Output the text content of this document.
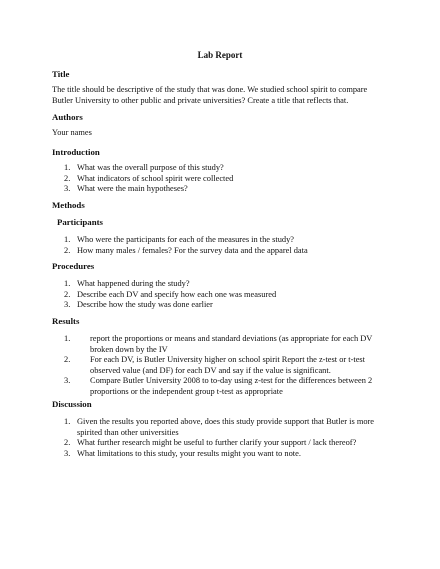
Lab Report
Title
The title should be descriptive of the study that was done. We studied school spirit to compare
Butler University to other public and private universities? Create a title that reflects that.
Authors
Your names
Introduction
1. What was the overall purpose of this study?
2. What indicators of school spirit were collected
3. What were the main hypotheses?
Methods
Participants
1. Who were the participants for each of the measures in the study?
2. How many males / females? For the survey data and the apparel data
Procedures
1. What happened during the study?
2. Describe each DV and specify how each one was measured
3. Describe how the study was done earlier
Results
1. report the proportions or means and standard deviations (as appropriate for each DV
broken down by the IV
2. For each DV, is Butler University higher on school spirit Report the z-test or t-test
observed value (and DF) for each DV and say if the value is significant.
3. Compare Butler University 2008 to to-day using z-test for the differences between 2
proportions or the independent group t-test as appropriate
Discussion
1. Given the results you reported above, does this study provide support that Butler is more
spirited than other universities
2. What further research might be useful to further clarify your support / lack thereof?
3. What limitations to this study, your results might you want to note.
